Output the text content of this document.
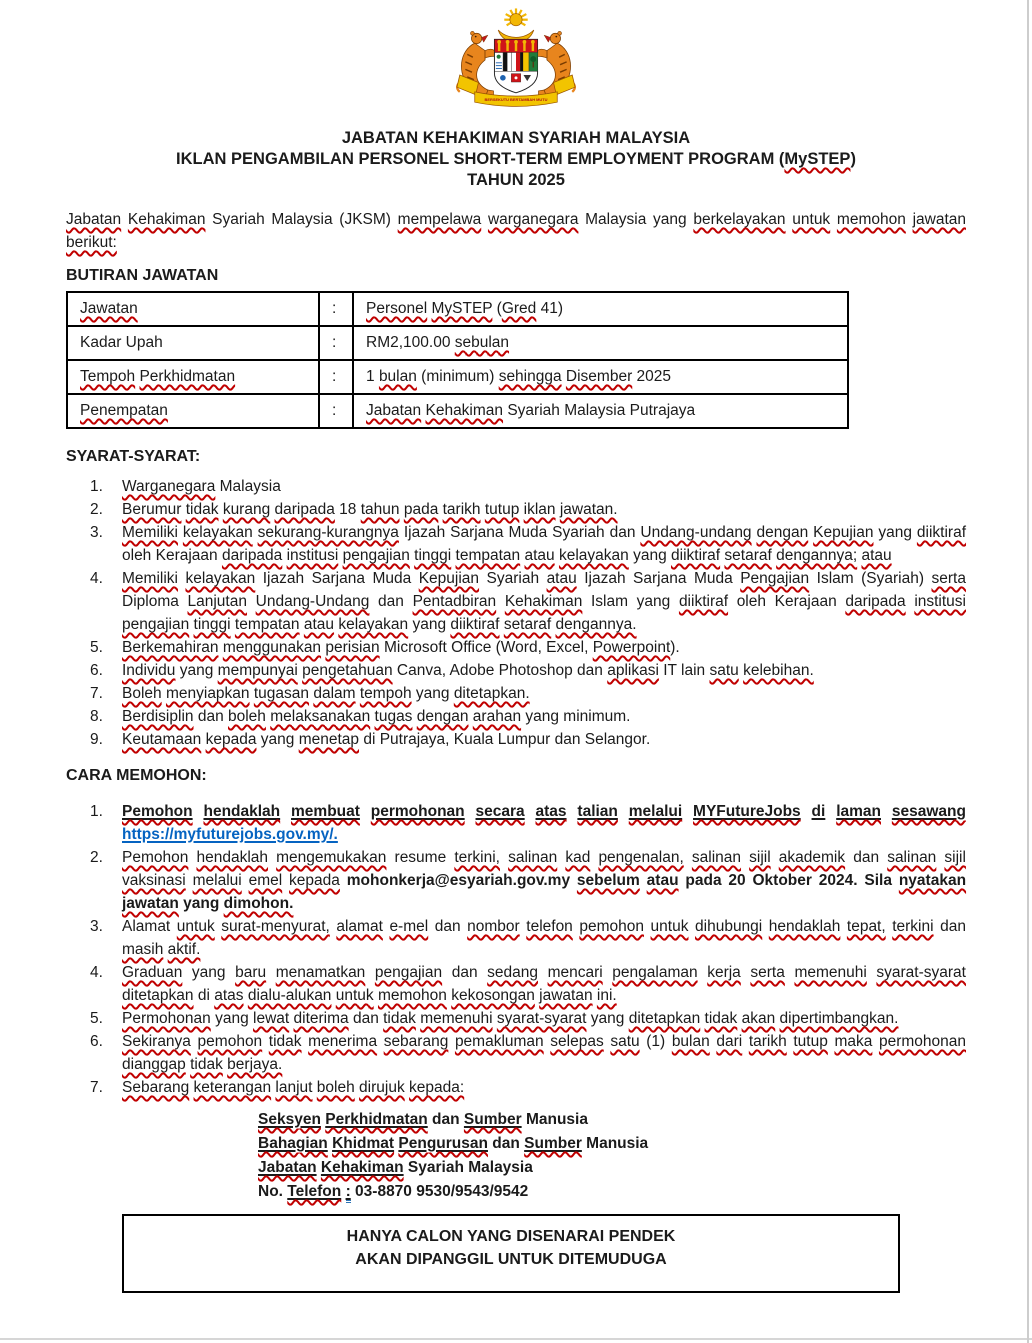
BERSEKUTU BERTAMBAH MUTU
JABATAN KEHAKIMAN SYARIAH MALAYSIA
IKLAN PENGAMBILAN PERSONEL SHORT-TERM EMPLOYMENT PROGRAM (MySTEP)
TAHUN 2025

Jabatan Kehakiman Syariah Malaysia (JKSM) mempelawa warganegara Malaysia yang berkelayakan untuk memohon jawatan berikut:

BUTIRAN JAWATAN
Jawatan	:	Personel MySTEP (Gred 41)
Kadar Upah	:	RM2,100.00 sebulan
Tempoh Perkhidmatan	:	1 bulan (minimum) sehingga Disember 2025
Penempatan	:	Jabatan Kehakiman Syariah Malaysia Putrajaya
SYARAT-SYARAT:
1.	Warganegara Malaysia
2.	Berumur tidak kurang daripada 18 tahun pada tarikh tutup iklan jawatan.
3.	Memiliki kelayakan sekurang-kurangnya Ijazah Sarjana Muda Syariah dan Undang-undang dengan Kepujian yang diiktiraf oleh Kerajaan daripada institusi pengajian tinggi tempatan atau kelayakan yang diiktiraf setaraf dengannya; atau
4.	Memiliki kelayakan Ijazah Sarjana Muda Kepujian Syariah atau Ijazah Sarjana Muda Pengajian Islam (Syariah) serta Diploma Lanjutan Undang-Undang dan Pentadbiran Kehakiman Islam yang diiktiraf oleh Kerajaan daripada institusi pengajian tinggi tempatan atau kelayakan yang diiktiraf setaraf dengannya.
5.	Berkemahiran menggunakan perisian Microsoft Office (Word, Excel, Powerpoint).
6.	Individu yang mempunyai pengetahuan Canva, Adobe Photoshop dan aplikasi IT lain satu kelebihan.
7.	Boleh menyiapkan tugasan dalam tempoh yang ditetapkan.
8.	Berdisiplin dan boleh melaksanakan tugas dengan arahan yang minimum.
9.	Keutamaan kepada yang menetap di Putrajaya, Kuala Lumpur dan Selangor.
CARA MEMOHON:
1.	Pemohon hendaklah membuat permohonan secara atas talian melalui MYFutureJobs di laman sesawang https://myfuturejobs.gov.my/.
2.	Pemohon hendaklah mengemukakan resume terkini, salinan kad pengenalan, salinan sijil akademik dan salinan sijil vaksinasi melalui emel kepada mohonkerja@esyariah.gov.my sebelum atau pada 20 Oktober 2024. Sila nyatakan jawatan yang dimohon.
3.	Alamat untuk surat-menyurat, alamat e-mel dan nombor telefon pemohon untuk dihubungi hendaklah tepat, terkini dan masih aktif.
4.	Graduan yang baru menamatkan pengajian dan sedang mencari pengalaman kerja serta memenuhi syarat-syarat ditetapkan di atas dialu-alukan untuk memohon kekosongan jawatan ini.
5.	Permohonan yang lewat diterima dan tidak memenuhi syarat-syarat yang ditetapkan tidak akan dipertimbangkan.
6.	Sekiranya pemohon tidak menerima sebarang pemakluman selepas satu (1) bulan dari tarikh tutup maka permohonan dianggap tidak berjaya.
7.	Sebarang keterangan lanjut boleh dirujuk kepada:
Seksyen Perkhidmatan dan Sumber Manusia
Bahagian Khidmat Pengurusan dan Sumber Manusia
Jabatan Kehakiman Syariah Malaysia
No. Telefon : 03-8870 9530/9543/9542
HANYA CALON YANG DISENARAI PENDEK
AKAN DIPANGGIL UNTUK DITEMUDUGA
